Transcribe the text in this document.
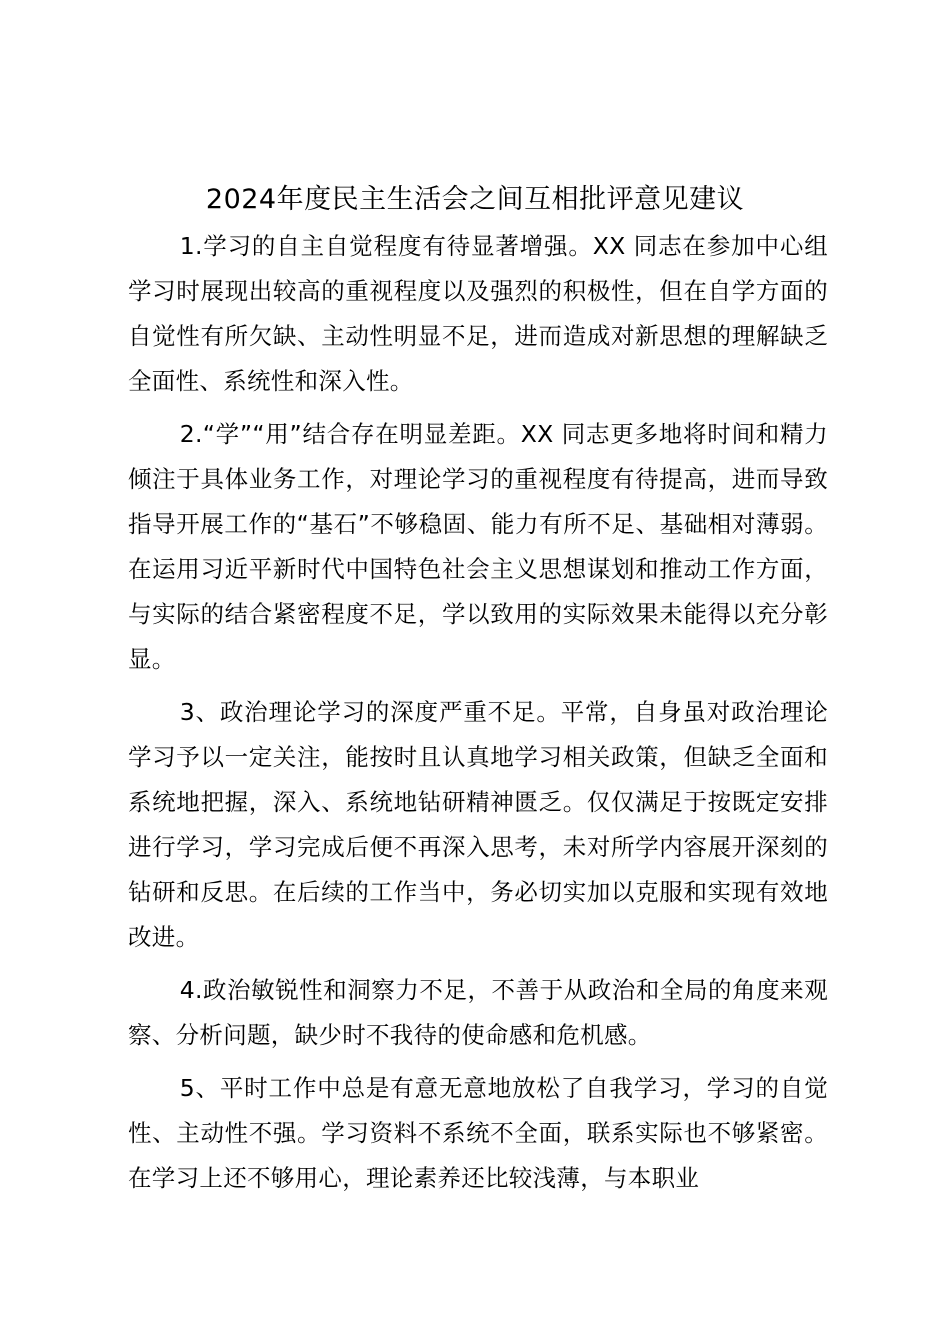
2024年度民主生活会之间互相批评意见建议

1.学习的自主自觉程度有待显著增强。XX 同志在参加中心组学习时展现出较高的重视程度以及强烈的积极性，但在自学方面的自觉性有所欠缺、主动性明显不足，进而造成对新思想的理解缺乏全面性、系统性和深入性。

2.“学”“用”结合存在明显差距。XX 同志更多地将时间和精力倾注于具体业务工作，对理论学习的重视程度有待提高，进而导致指导开展工作的“基石”不够稳固、能力有所不足、基础相对薄弱。在运用习近平新时代中国特色社会主义思想谋划和推动工作方面，与实际的结合紧密程度不足，学以致用的实际效果未能得以充分彰显。

3、政治理论学习的深度严重不足。平常，自身虽对政治理论学习予以一定关注，能按时且认真地学习相关政策，但缺乏全面和系统地把握，深入、系统地钻研精神匮乏。仅仅满足于按既定安排进行学习，学习完成后便不再深入思考，未对所学内容展开深刻的钻研和反思。在后续的工作当中，务必切实加以克服和实现有效地改进。

4.政治敏锐性和洞察力不足，不善于从政治和全局的角度来观察、分析问题，缺少时不我待的使命感和危机感。

5、平时工作中总是有意无意地放松了自我学习，学习的自觉性、主动性不强。学习资料不系统不全面，联系实际也不够紧密。在学习上还不够用心，理论素养还比较浅薄，与本职业
